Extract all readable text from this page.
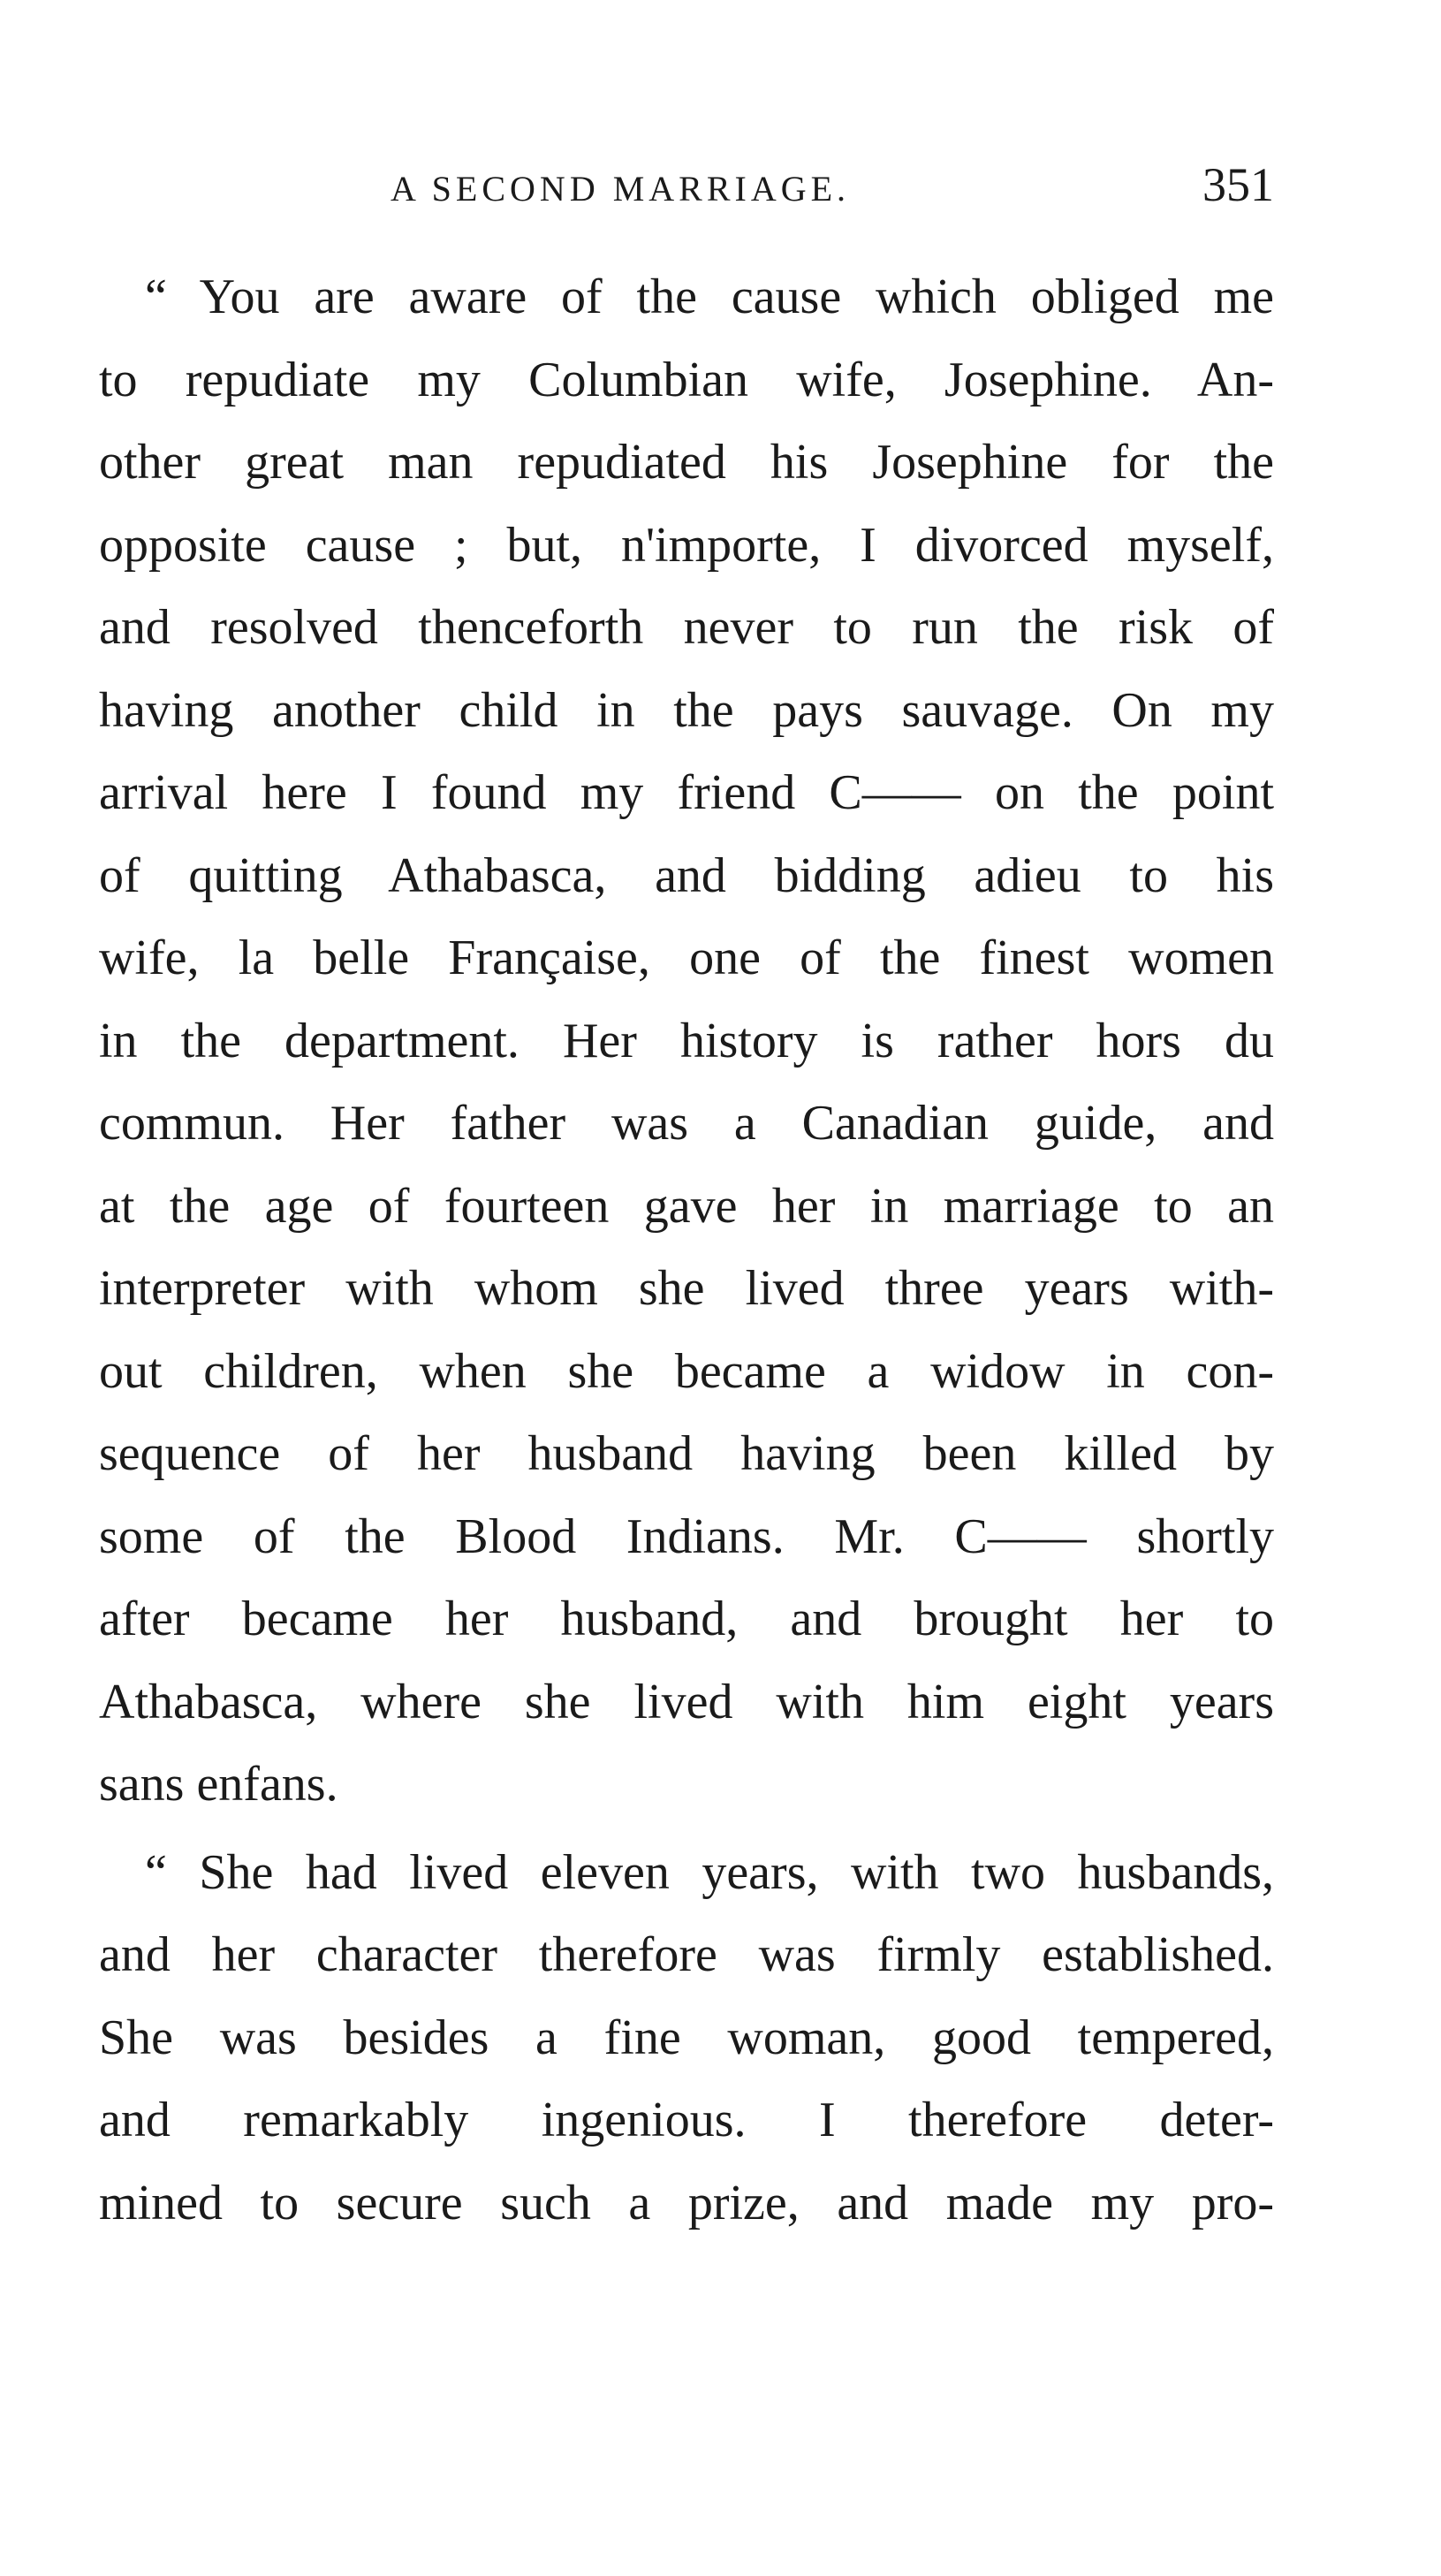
A SECOND MARRIAGE.	351
“ You are aware of the cause which obliged me
to repudiate my Columbian wife, Josephine. An-
other great man repudiated his Josephine for the
opposite cause ; but, n'importe, I divorced myself,
and resolved thenceforth never to run the risk of
having another child in the pays sauvage. On my
arrival here I found my friend C—— on the point
of quitting Athabasca, and bidding adieu to his
wife, la belle Française, one of the finest women
in the department. Her history is rather hors du
commun. Her father was a Canadian guide, and
at the age of fourteen gave her in marriage to an
interpreter with whom she lived three years with-
out children, when she became a widow in con-
sequence of her husband having been killed by
some of the Blood Indians. Mr. C—— shortly
after became her husband, and brought her to
Athabasca, where she lived with him eight years
sans enfans.
“ She had lived eleven years, with two husbands,
and her character therefore was firmly established.
She was besides a fine woman, good tempered,
and remarkably ingenious. I therefore deter-
mined to secure such a prize, and made my pro-
